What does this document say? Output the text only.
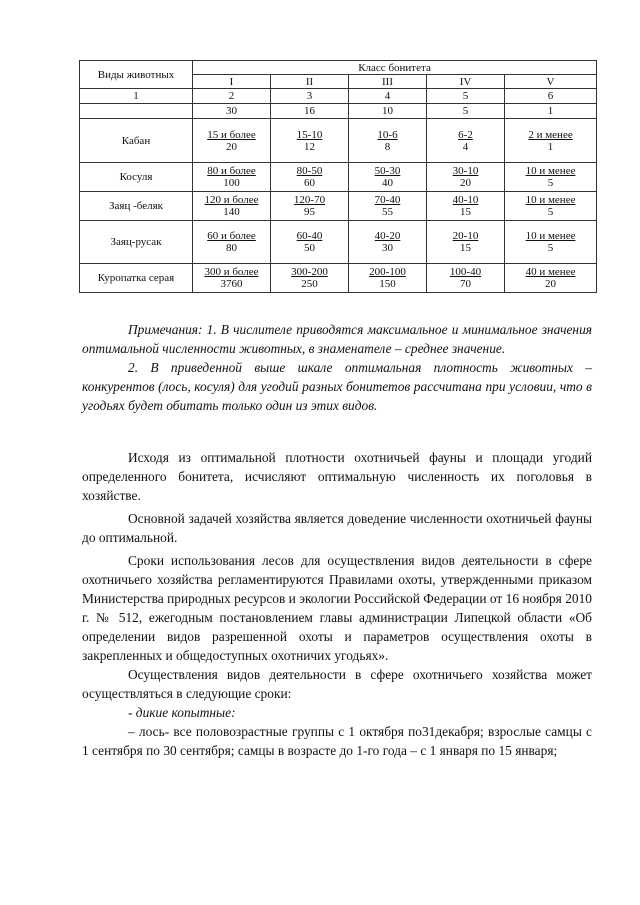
Виды животных	Класс бонитета				
	I	II	III	IV	V
1	2	3	4	5	6
	30	16	10	5	1
Кабан	$\frac{\text{15 и более}}{20}$	$\frac{15-10}{12}$	$\frac{10-6}{8}$	$\frac{6-2}{4}$	$\frac{\text{2 и менее}}{1}$

Косуля	$\frac{\text{80 и более}}{100}$	$\frac{80-50}{60}$	$\frac{50-30}{40}$	$\frac{30-10}{20}$	$\frac{\text{10 и менее}}{5}$

Заяц -беляк	$\frac{\text{120 и более}}{140}$	$\frac{120-70}{95}$	$\frac{70-40}{55}$	$\frac{40-10}{15}$	$\frac{\text{10 и менее}}{5}$

Заяц-русак	$\frac{\text{60 и более}}{80}$	$\frac{60-40}{50}$	$\frac{40-20}{30}$	$\frac{20-10}{15}$	$\frac{\text{10 и менее}}{5}$

Куропатка серая	$\frac{\text{300 и более}}{3760}$	$\frac{300-200}{250}$	$\frac{200-100}{150}$	$\frac{100-40}{70}$	$\frac{\text{40 и менее}}{20}$

Примечания: 1. В числителе приводятся максимальное и минимальное значения оптимальной численности животных, в знаменателе – среднее значение.

2. В приведенной выше шкале оптимальная плотность животных – конкурентов (лось, косуля) для угодий разных бонитетов рассчитана при условии, что в угодьях будет обитать только один из этих видов.

Исходя из оптимальной плотности охотничьей фауны и площади угодий определенного бонитета, исчисляют оптимальную численность их поголовья в хозяйстве.

Основной задачей хозяйства является доведение численности охотничьей фауны до оптимальной.

Сроки использования лесов для осуществления видов деятельности в сфере охотничьего хозяйства регламентируются Правилами охоты, утвержденными приказом Министерства природных ресурсов и экологии Российской Федерации от 16 ноября 2010 г. № 512, ежегодным постановлением главы администрации Липецкой области «Об определении видов разрешенной охоты и параметров осуществления охоты в закрепленных и общедоступных охотничих угодьях».

Осуществления видов деятельности в сфере охотничьего хозяйства может осуществляться в следующие сроки:

- дикие копытные:

– лось- все половозрастные группы с 1 октября по31декабря; взрослые самцы с 1 сентября по 30 сентября; самцы в возрасте до 1-го года – с 1 января по 15 января;
